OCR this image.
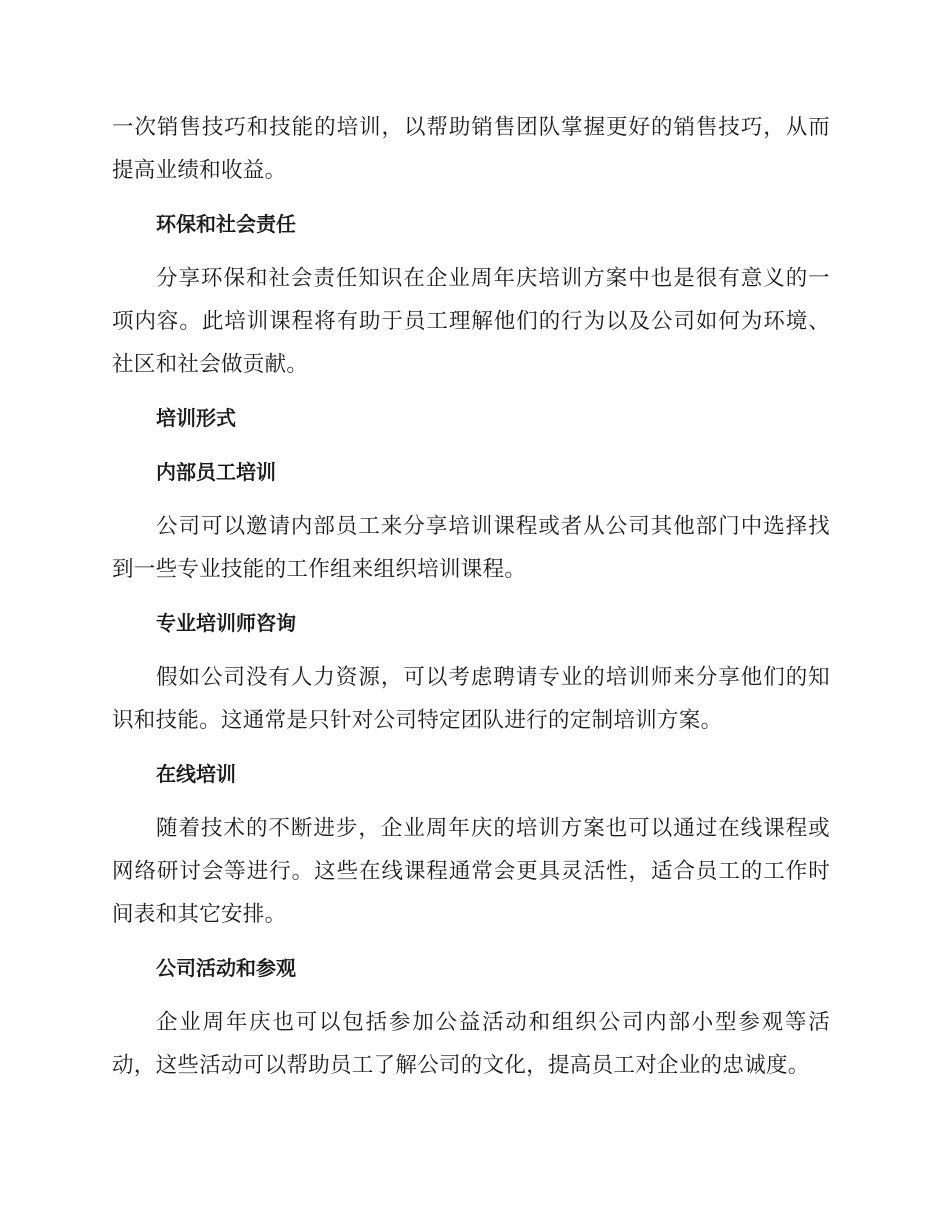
一次销售技巧和技能的培训，以帮助销售团队掌握更好的销售技巧，从而提高业绩和收益。

环保和社会责任

分享环保和社会责任知识在企业周年庆培训方案中也是很有意义的一项内容。此培训课程将有助于员工理解他们的行为以及公司如何为环境、社区和社会做贡献。

培训形式
内部员工培训

公司可以邀请内部员工来分享培训课程或者从公司其他部门中选择找到一些专业技能的工作组来组织培训课程。

专业培训师咨询

假如公司没有人力资源，可以考虑聘请专业的培训师来分享他们的知识和技能。这通常是只针对公司特定团队进行的定制培训方案。

在线培训

随着技术的不断进步，企业周年庆的培训方案也可以通过在线课程或网络研讨会等进行。这些在线课程通常会更具灵活性，适合员工的工作时间表和其它安排。

公司活动和参观

企业周年庆也可以包括参加公益活动和组织公司内部小型参观等活动，这些活动可以帮助员工了解公司的文化，提高员工对企业的忠诚度。
